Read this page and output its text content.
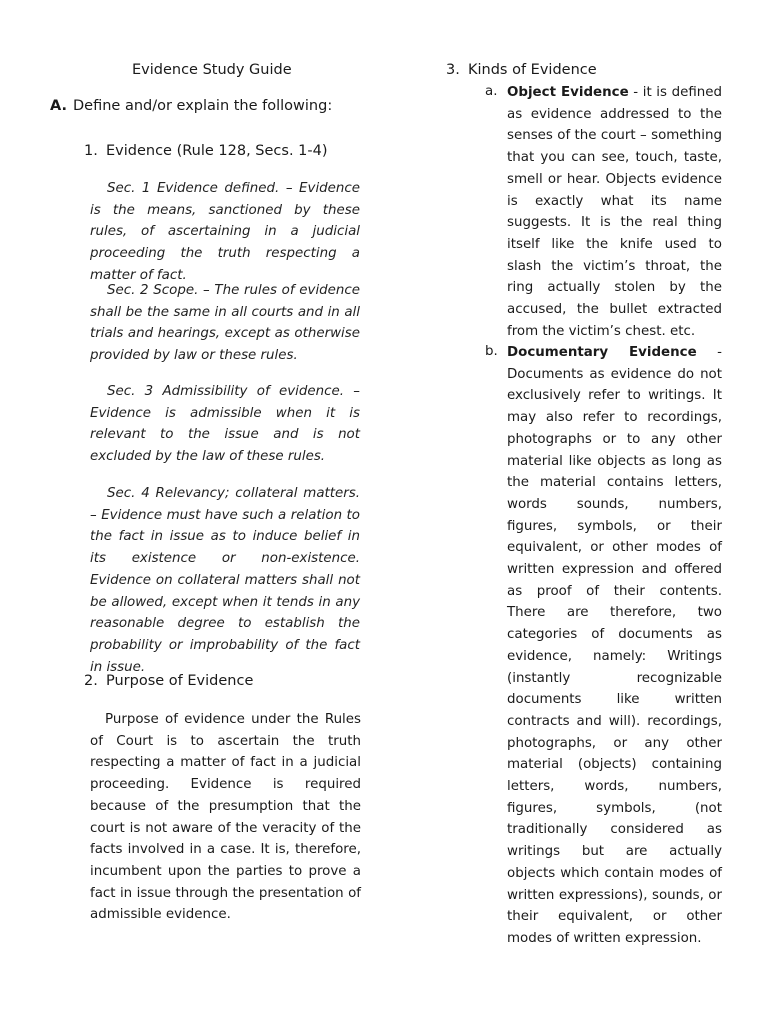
Evidence Study Guide
A. Define and/or explain the following:
1. Evidence (Rule 128, Secs. 1-4)

Sec. 1 Evidence defined. – Evidence is the means, sanctioned by these rules, of ascertaining in a judicial proceeding the truth respecting a matter of fact.

Sec. 2 Scope. – The rules of evidence shall be the same in all courts and in all trials and hearings, except as otherwise provided by law or these rules.

Sec. 3 Admissibility of evidence. – Evidence is admissible when it is relevant to the issue and is not excluded by the law of these rules.

Sec. 4 Relevancy; collateral matters. – Evidence must have such a relation to the fact in issue as to induce belief in its existence or non-existence. Evidence on collateral matters shall not be allowed, except when it tends in any reasonable degree to establish the probability or improbability of the fact in issue.

2. Purpose of Evidence

Purpose of evidence under the Rules of Court is to ascertain the truth respecting a matter of fact in a judicial proceeding. Evidence is required because of the presumption that the court is not aware of the veracity of the facts involved in a case. It is, therefore, incumbent upon the parties to prove a fact in issue through the presentation of admissible evidence.

3. Kinds of Evidence
a. Object Evidence - it is defined as evidence addressed to the senses of the court – something that you can see, touch, taste, smell or hear. Objects evidence is exactly what its name suggests. It is the real thing itself like the knife used to slash the victim’s throat, the ring actually stolen by the accused, the bullet extracted from the victim’s chest. etc.

b. Documentary Evidence - Documents as evidence do not exclusively refer to writings. It may also refer to recordings, photographs or to any other material like objects as long as the material contains letters, words sounds, numbers, figures, symbols, or their equivalent, or other modes of written expression and offered as proof of their contents. There are therefore, two categories of documents as evidence, namely: Writings (instantly recognizable documents like written contracts and will). recordings, photographs, or any other material (objects) containing letters, words, numbers, figures, symbols, (not traditionally considered as writings but are actually objects which contain modes of written expressions), sounds, or their equivalent, or other modes of written expression.
